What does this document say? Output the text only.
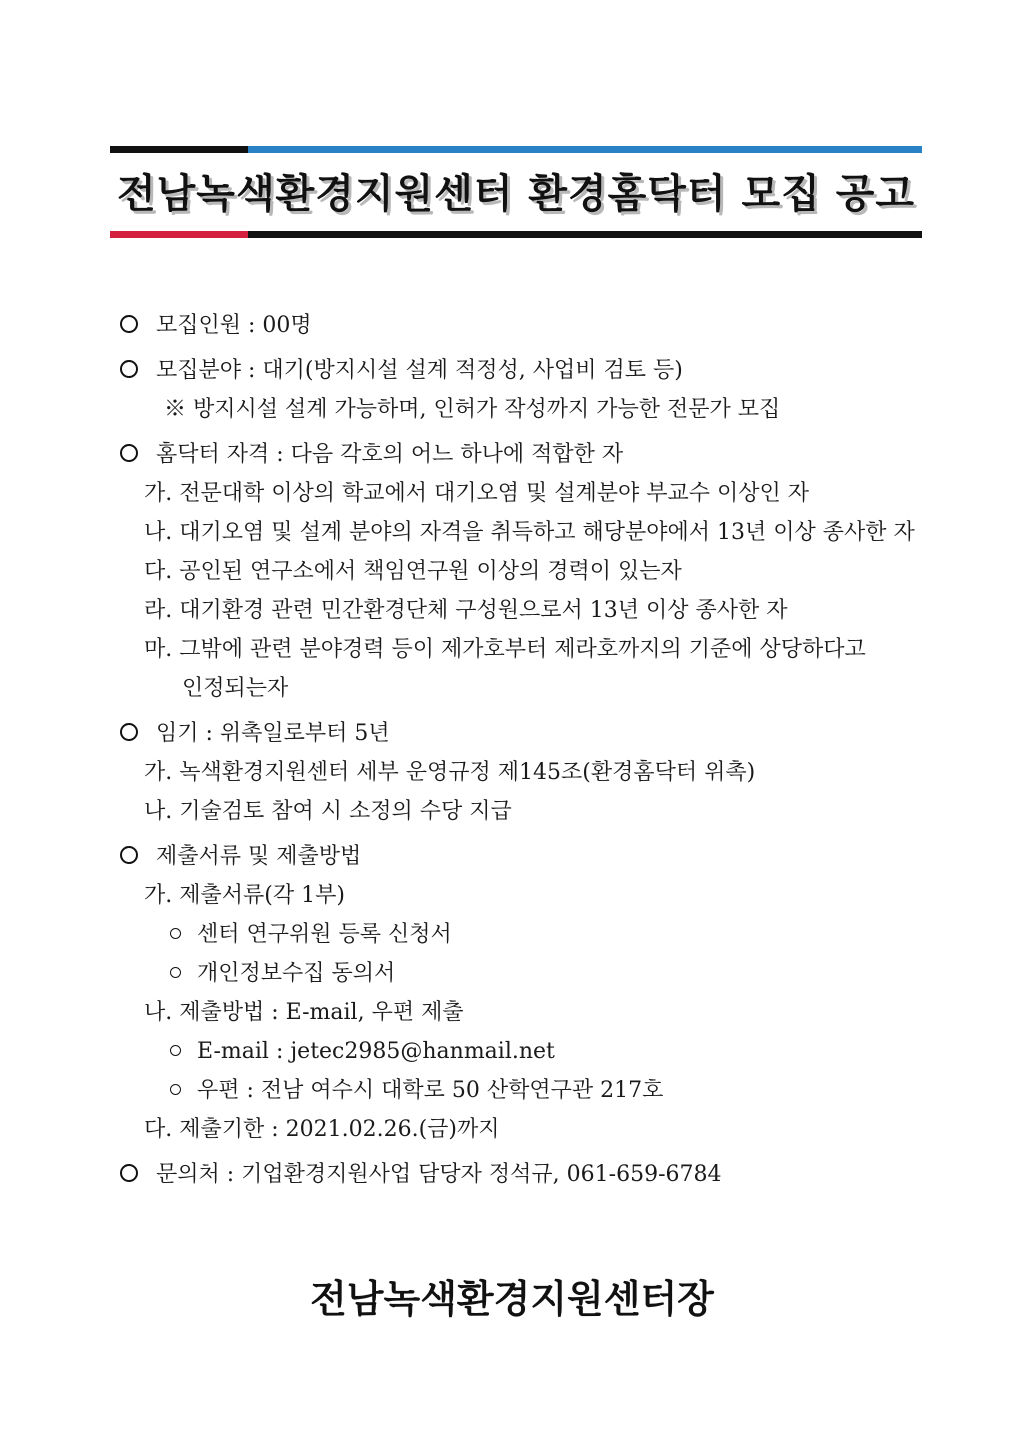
전남녹색환경지원센터 환경홈닥터 모집 공고
모집인원 : 00명
모집분야 : 대기(방지시설 설계 적정성, 사업비 검토 등)
※ 방지시설 설계 가능하며, 인허가 작성까지 가능한 전문가 모집
홈닥터 자격 : 다음 각호의 어느 하나에 적합한 자
가. 전문대학 이상의 학교에서 대기오염 및 설계분야 부교수 이상인 자
나. 대기오염 및 설계 분야의 자격을 취득하고 해당분야에서 13년 이상 종사한 자
다. 공인된 연구소에서 책임연구원 이상의 경력이 있는자
라. 대기환경 관련 민간환경단체 구성원으로서 13년 이상 종사한 자
마. 그밖에 관련 분야경력 등이 제가호부터 제라호까지의 기준에 상당하다고
인정되는자
임기 : 위촉일로부터 5년
가. 녹색환경지원센터 세부 운영규정 제145조(환경홈닥터 위촉)
나. 기술검토 참여 시 소정의 수당 지급
제출서류 및 제출방법
가. 제출서류(각 1부)
센터 연구위원 등록 신청서
개인정보수집 동의서
나. 제출방법 : E-mail, 우편 제출
E-mail : jetec2985@hanmail.net
우편 : 전남 여수시 대학로 50 산학연구관 217호
다. 제출기한 : 2021.02.26.(금)까지
문의처 : 기업환경지원사업 담당자 정석규, 061-659-6784
전남녹색환경지원센터장
